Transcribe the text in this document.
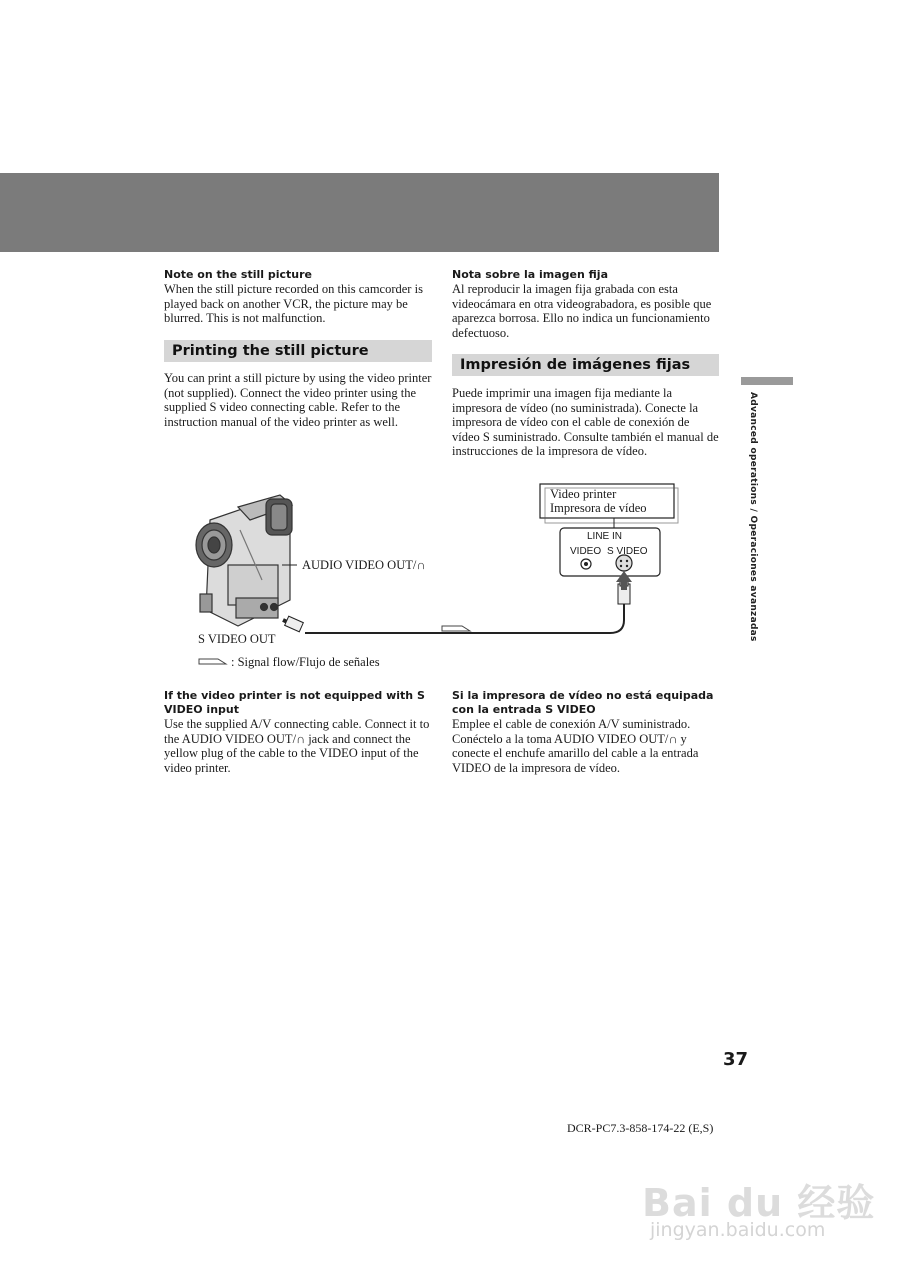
Note on the still picture

When the still picture recorded on this camcorder is played back on another VCR, the picture may be blurred. This is not malfunction.

Printing the still picture

You can print a still picture by using the video printer (not supplied). Connect the video printer using the supplied S video connecting cable. Refer to the instruction manual of the video printer as well.

If the video printer is not equipped with S VIDEO input

Use the supplied A/V connecting cable. Connect it to the AUDIO VIDEO OUT/∩ jack and connect the yellow plug of the cable to the VIDEO input of the video printer.

Nota sobre la imagen fija

Al reproducir la imagen fija grabada con esta videocámara en otra videograbadora, es posible que aparezca borrosa. Ello no indica un funcionamiento defectuoso.

Impresión de imágenes fijas

Puede imprimir una imagen fija mediante la impresora de vídeo (no suministrada). Conecte la impresora de vídeo con el cable de conexión de vídeo S suministrado. Consulte también el manual de instrucciones de la impresora de vídeo.

Si la impresora de vídeo no está equipada con la entrada S VIDEO

Emplee el cable de conexión A/V suministrado. Conéctelo a la toma AUDIO VIDEO OUT/∩ y conecte el enchufe amarillo del cable a la entrada VIDEO de la impresora de vídeo.

Advanced operations / Operaciones avanzadas
Video printer
Impresora de vídeo
LINE IN
VIDEO S VIDEO
AUDIO VIDEO OUT/∩
S VIDEO OUT
: Signal flow/Flujo de señales
37
DCR-PC7.3-858-174-22 (E,S)
Bai du 经验
jingyan.baidu.com
